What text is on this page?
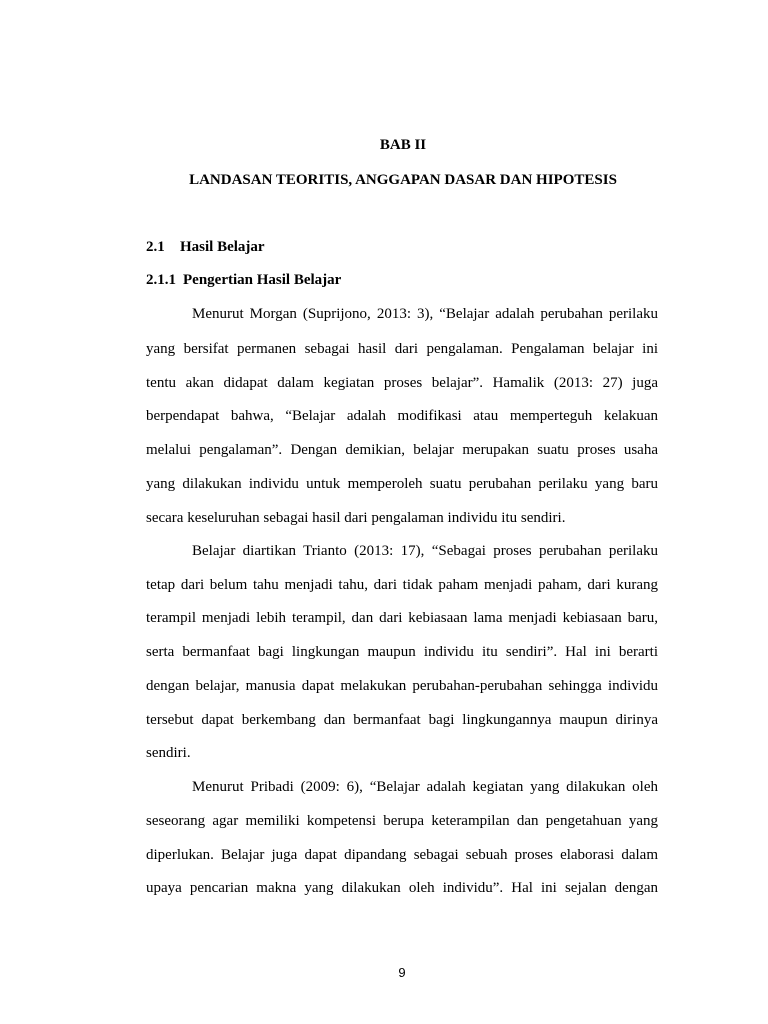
BAB II
LANDASAN TEORITIS, ANGGAPAN DASAR DAN HIPOTESIS
2.1 Hasil Belajar
2.1.1 Pengertian Hasil Belajar
Menurut Morgan (Suprijono, 2013: 3), “Belajar adalah perubahan perilaku
yang bersifat permanen sebagai hasil dari pengalaman. Pengalaman belajar ini
tentu akan didapat dalam kegiatan proses belajar”. Hamalik (2013: 27) juga
berpendapat bahwa, “Belajar adalah modifikasi atau memperteguh kelakuan
melalui pengalaman”. Dengan demikian, belajar merupakan suatu proses usaha
yang dilakukan individu untuk memperoleh suatu perubahan perilaku yang baru
secara keseluruhan sebagai hasil dari pengalaman individu itu sendiri.
Belajar diartikan Trianto (2013: 17), “Sebagai proses perubahan perilaku
tetap dari belum tahu menjadi tahu, dari tidak paham menjadi paham, dari kurang
terampil menjadi lebih terampil, dan dari kebiasaan lama menjadi kebiasaan baru,
serta bermanfaat bagi lingkungan maupun individu itu sendiri”. Hal ini berarti
dengan belajar, manusia dapat melakukan perubahan-perubahan sehingga individu
tersebut dapat berkembang dan bermanfaat bagi lingkungannya maupun dirinya
sendiri.
Menurut Pribadi (2009: 6), “Belajar adalah kegiatan yang dilakukan oleh
seseorang agar memiliki kompetensi berupa keterampilan dan pengetahuan yang
diperlukan. Belajar juga dapat dipandang sebagai sebuah proses elaborasi dalam
upaya pencarian makna yang dilakukan oleh individu”. Hal ini sejalan dengan
9
